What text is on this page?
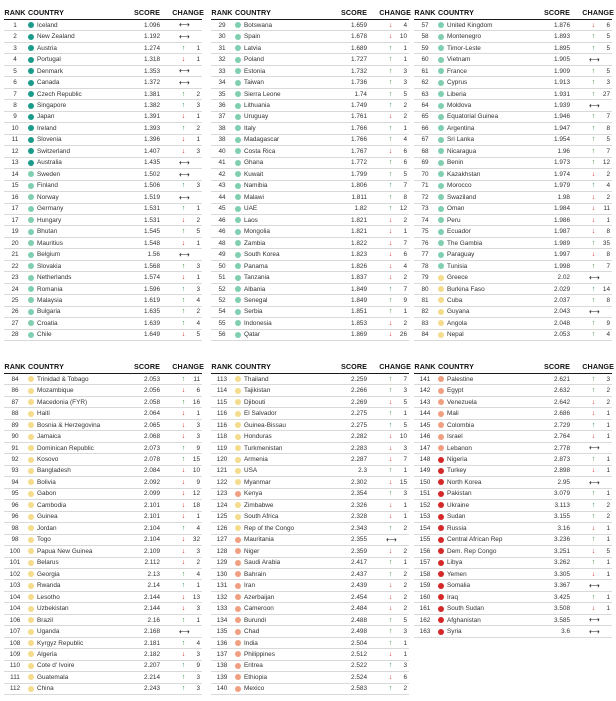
RANK COUNTRY	SCORE	CHANGE
1	Iceland	1.096	⟷
2	New Zealand	1.192	⟷
3	Austria	1.274	↑	1
4	Portugal	1.318	↓	1
5	Denmark	1.353	⟷
6	Canada	1.372	⟷
7	Czech Republic	1.381	↑	2
8	Singapore	1.382	↑	3
9	Japan	1.391	↓	1
10	Ireland	1.393	↑	2
11	Slovenia	1.396	↓	1
12	Switzerland	1.407	↓	3
13	Australia	1.435	⟷
14	Sweden	1.502	⟷
15	Finland	1.506	↑	3
16	Norway	1.519	⟷
17	Germany	1.531	↑	1
17	Hungary	1.531	↓	2
19	Bhutan	1.545	↑	5
20	Mauritius	1.548	↓	1
21	Belgium	1.56	⟷
22	Slovakia	1.568	↑	3
23	Netherlands	1.574	↓	1
24	Romania	1.596	↑	3
25	Malaysia	1.619	↑	4
26	Bulgaria	1.635	↑	2
27	Croatia	1.639	↑	4
28	Chile	1.649	↓	5
RANK COUNTRY	SCORE	CHANGE
29	Botswana	1.659	↓	4
30	Spain	1.678	↓	10
31	Latvia	1.689	↑	1
32	Poland	1.727	↑	1
33	Estonia	1.732	↑	3
34	Taiwan	1.736	↑	3
35	Sierra Leone	1.74	↑	5
36	Lithuania	1.749	↑	2
37	Uruguay	1.761	↓	2
38	Italy	1.766	↑	1
38	Madagascar	1.766	↑	4
40	Costa Rica	1.767	↓	6
41	Ghana	1.772	↑	6
42	Kuwait	1.799	↑	5
43	Namibia	1.806	↑	7
44	Malawi	1.811	↑	8
45	UAE	1.82	↑	12
46	Laos	1.821	↓	2
46	Mongolia	1.821	↓	1
48	Zambia	1.822	↓	7
49	South Korea	1.823	↓	6
50	Panama	1.826	↓	4
51	Tanzania	1.837	↓	2
52	Albania	1.849	↑	7
52	Senegal	1.849	↑	9
54	Serbia	1.851	↑	1
55	Indonesia	1.853	↓	2
56	Qatar	1.869	↓	26
RANK COUNTRY	SCORE	CHANGE
57	United Kingdom	1.876	↓	6
58	Montenegro	1.893	↑	5
59	Timor-Leste	1.895	↑	5
60	Vietnam	1.905	⟷
61	France	1.909	↑	5
62	Cyprus	1.913	↑	3
63	Liberia	1.931	↑	27
64	Moldova	1.939	⟷
65	Equatorial Guinea	1.946	↑	7
66	Argentina	1.947	↑	8
67	Sri Lanka	1.954	↑	5
68	Nicaragua	1.96	↑	7
69	Benin	1.973	↑	12
70	Kazakhstan	1.974	↓	2
71	Morocco	1.979	↑	4
72	Swaziland	1.98	↓	2
73	Oman	1.984	↓	11
74	Peru	1.986	↓	1
75	Ecuador	1.987	↓	8
76	The Gambia	1.989	↑	35
77	Paraguay	1.997	↓	8
78	Tunisia	1.998	↑	7
79	Greece	2.02	⟷
80	Burkina Faso	2.029	↑	14
81	Cuba	2.037	↑	8
82	Guyana	2.043	⟷
83	Angola	2.048	↑	9
84	Nepal	2.053	↑	4
RANK COUNTRY	SCORE	CHANGE
84	Trinidad & Tobago	2.053	↑	11
86	Mozambique	2.056	↓	6
87	Macedonia (FYR)	2.058	↑	16
88	Haiti	2.064	↓	1
89	Bosnia & Herzegovina	2.065	↓	3
90	Jamaica	2.068	↓	3
91	Dominican Republic	2.073	↑	9
92	Kosovo	2.078	↑	15
93	Bangladesh	2.084	↓	10
94	Bolivia	2.092	↓	9
95	Gabon	2.099	↓	12
96	Cambodia	2.101	↓	18
96	Guinea	2.101	↓	1
98	Jordan	2.104	↑	4
98	Togo	2.104	↓	32
100	Papua New Guinea	2.109	↓	3
101	Belarus	2.112	↓	2
102	Georgia	2.13	↑	4
103	Rwanda	2.14	↑	1
104	Lesotho	2.144	↓	13
104	Uzbekistan	2.144	↓	3
106	Brazil	2.16	↑	1
107	Uganda	2.168	⟷
108	Kyrgyz Republic	2.181	↑	4
109	Algeria	2.182	↓	3
110	Cote d' Ivoire	2.207	↑	9
111	Guatemala	2.214	↑	3
112	China	2.243	↑	3
RANK COUNTRY	SCORE	CHANGE
113	Thailand	2.259	↑	7
114	Tajikistan	2.266	↑	3
115	Djibouti	2.269	↓	5
116	El Salvador	2.275	↑	1
116	Guinea-Bissau	2.275	↑	5
118	Honduras	2.282	↓	10
119	Turkmenistan	2.283	↓	3
120	Armenia	2.287	↓	7
121	USA	2.3	↑	1
122	Myanmar	2.302	↓	15
123	Kenya	2.354	↑	3
124	Zimbabwe	2.326	↓	1
125	South Africa	2.328	↓	1
126	Rep of the Congo	2.343	↑	2
127	Mauritania	2.355	⟷
128	Niger	2.359	↓	2
129	Saudi Arabia	2.417	↑	1
130	Bahrain	2.437	↑	2
131	Iran	2.439	↓	2
132	Azerbaijan	2.454	↓	2
133	Cameroon	2.484	↓	2
134	Burundi	2.488	↑	5
135	Chad	2.498	↑	3
136	India	2.504	↑	1
137	Philippines	2.512	↓	1
138	Eritrea	2.522	↑	3
139	Ethiopia	2.524	↓	6
140	Mexico	2.583	↑	2
RANK COUNTRY	SCORE	CHANGE
141	Palestine	2.621	↑	3
142	Egypt	2.632	↑	2
143	Venezuela	2.642	↓	2
144	Mali	2.686	↓	1
145	Colombia	2.729	↑	1
146	Israel	2.764	↓	1
147	Lebanon	2.778	⟷
148	Nigeria	2.873	↑	1
149	Turkey	2.898	↓	1
150	North Korea	2.95	⟷
151	Pakistan	3.079	↑	1
152	Ukraine	3.113	↑	2
153	Sudan	3.155	↑	2
154	Russia	3.16	↓	1
155	Central African Rep	3.236	↑	1
156	Dem. Rep Congo	3.251	↓	5
157	Libya	3.262	↑	1
158	Yemen	3.305	↓	1
159	Somalia	3.367	⟷
160	Iraq	3.425	↑	1
161	South Sudan	3.508	↓	1
162	Afghanistan	3.585	⟷
163	Syria	3.6	⟷
